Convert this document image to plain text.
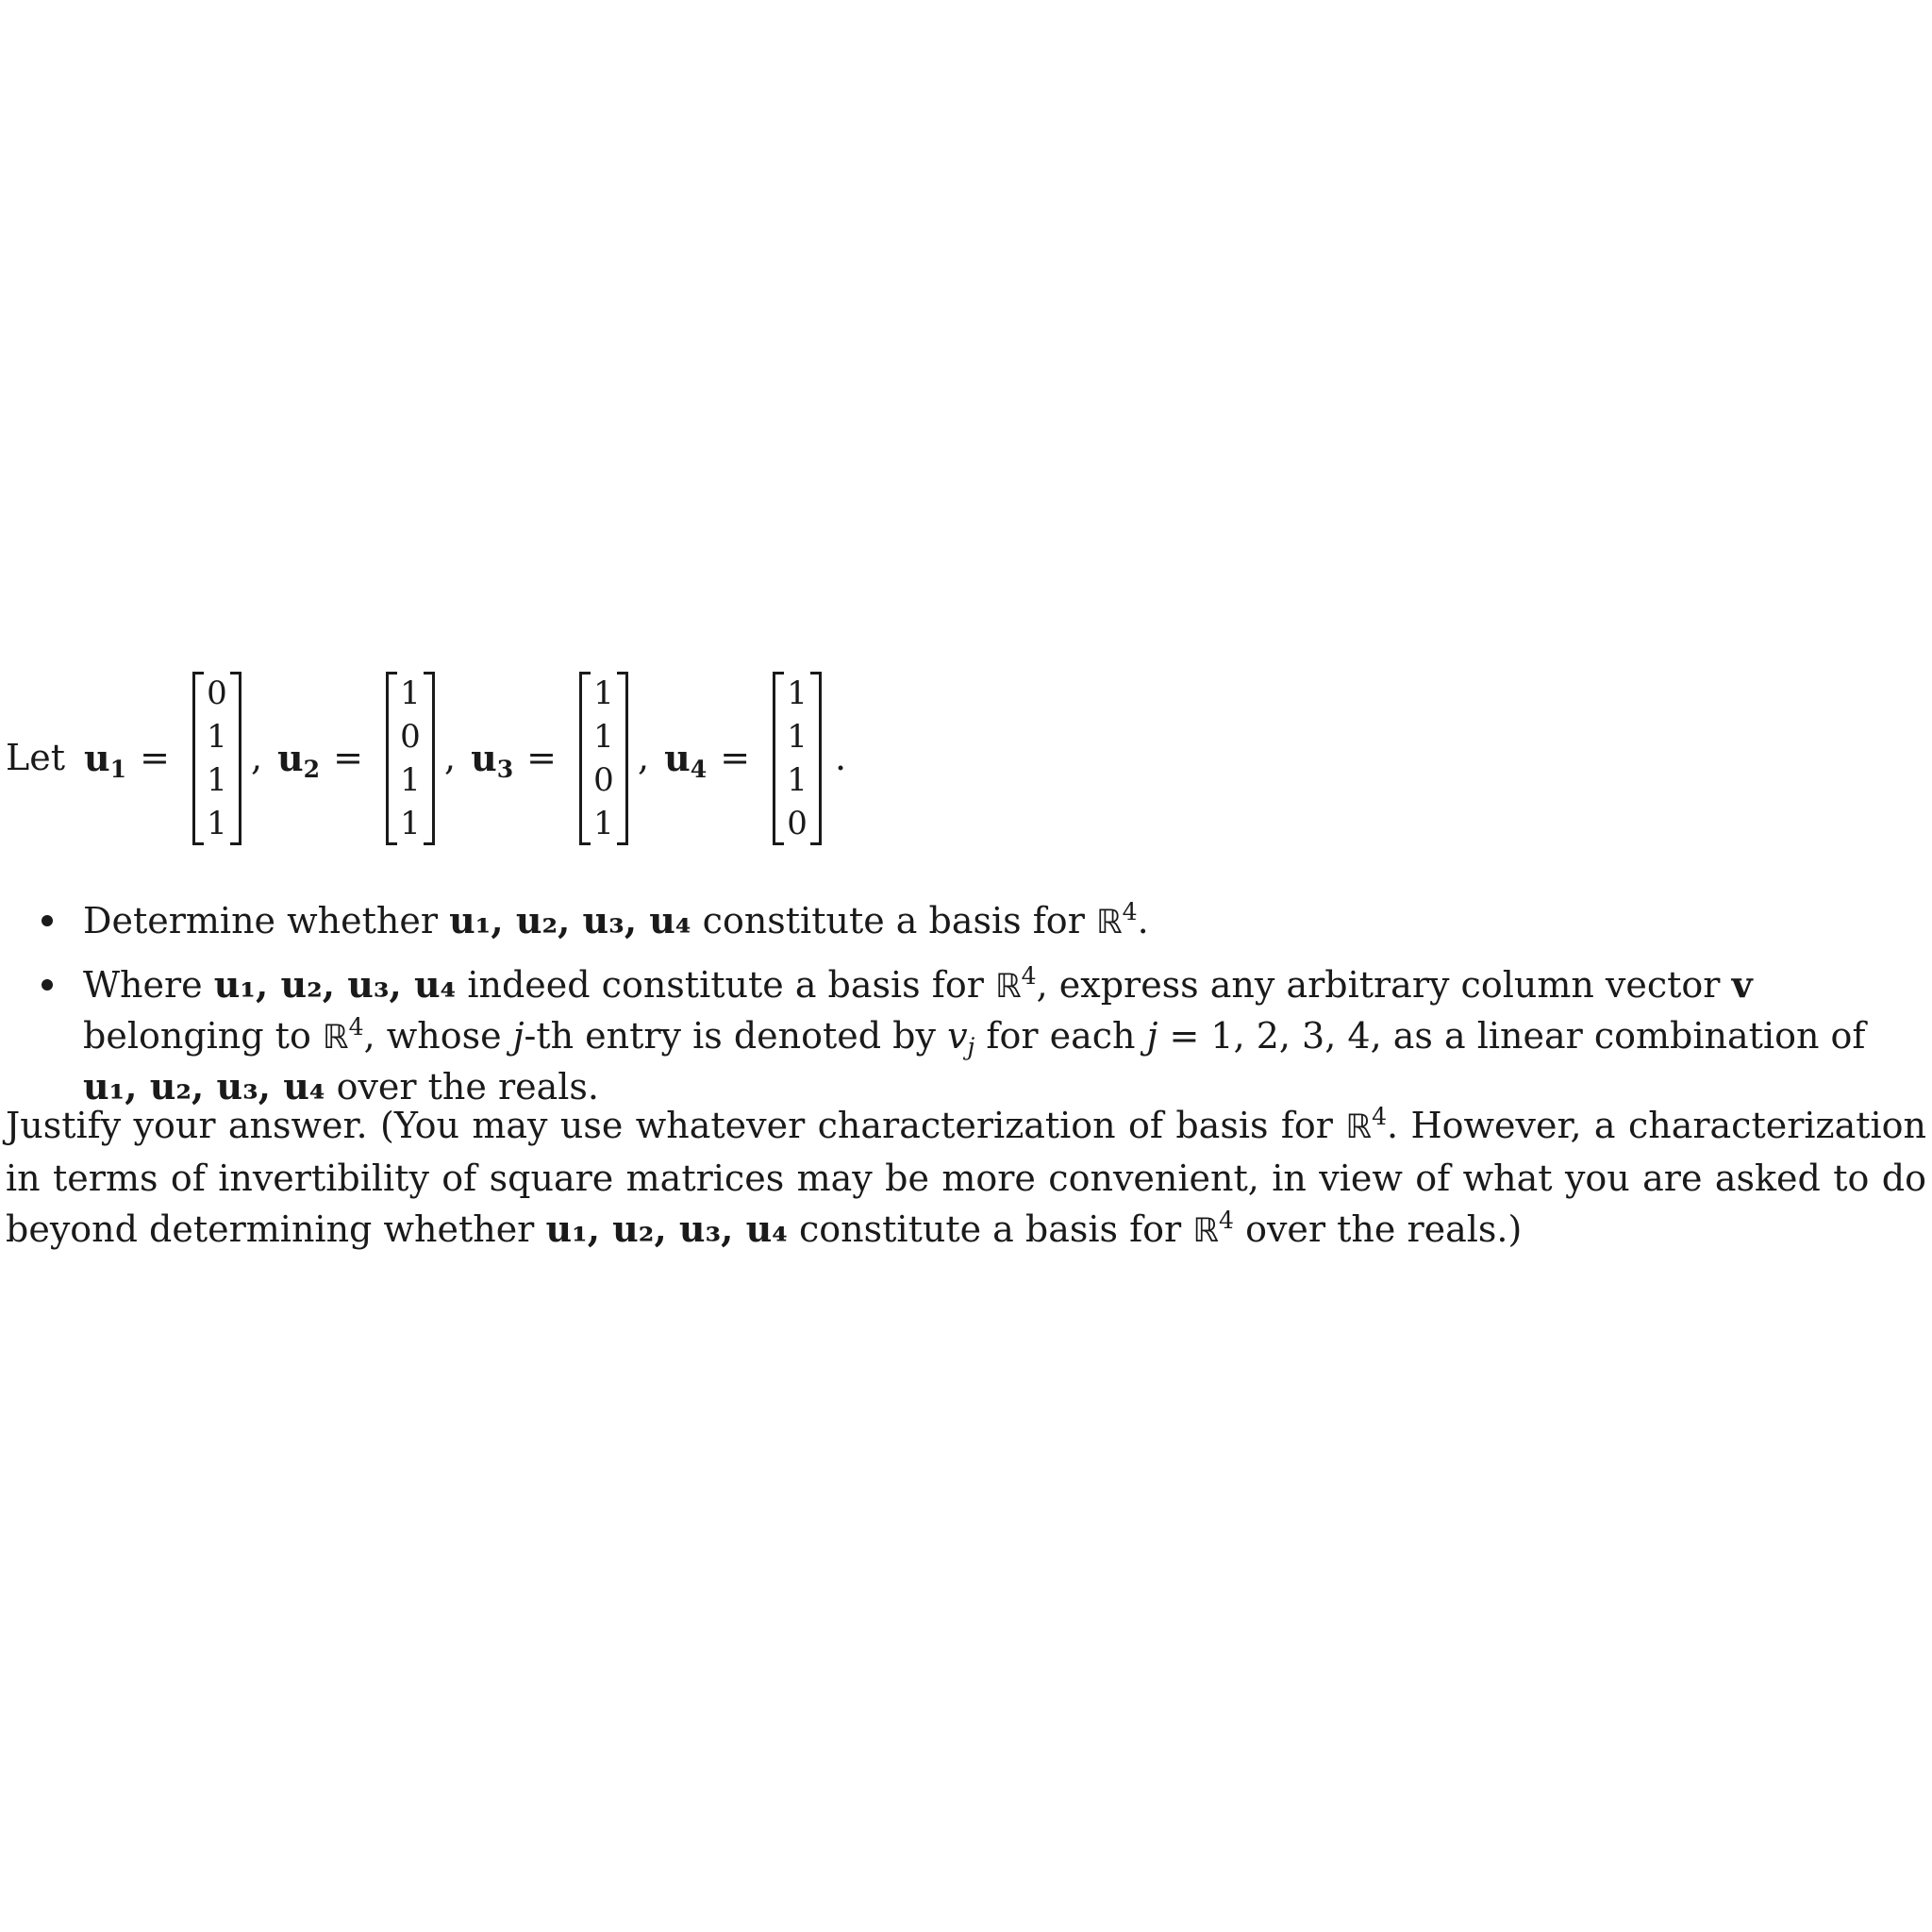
Let $u_1$ =
0
1
1
1
, $u_2$ =
1
0
1
1
, $u_3$ =
1
1
0
1
, $u_4$ =
1
1
1
0
.
Determine whether u₁, u₂, u₃, u₄ constitute a basis for ℝ$^4$.
Where u₁, u₂, u₃, u₄ indeed constitute a basis for ℝ$^4$, express any arbitrary column vector v belonging to ℝ$^4$, whose j-th entry is denoted by $v_j$ for each j = 1, 2, 3, 4, as a linear combination of u₁, u₂, u₃, u₄ over the reals.

Justify your answer. (You may use whatever characterization of basis for ℝ$^4$. However, a characterization in terms of invertibility of square matrices may be more convenient, in view of what you are asked to do beyond determining whether u₁, u₂, u₃, u₄ constitute a basis for ℝ$^4$ over the reals.)
